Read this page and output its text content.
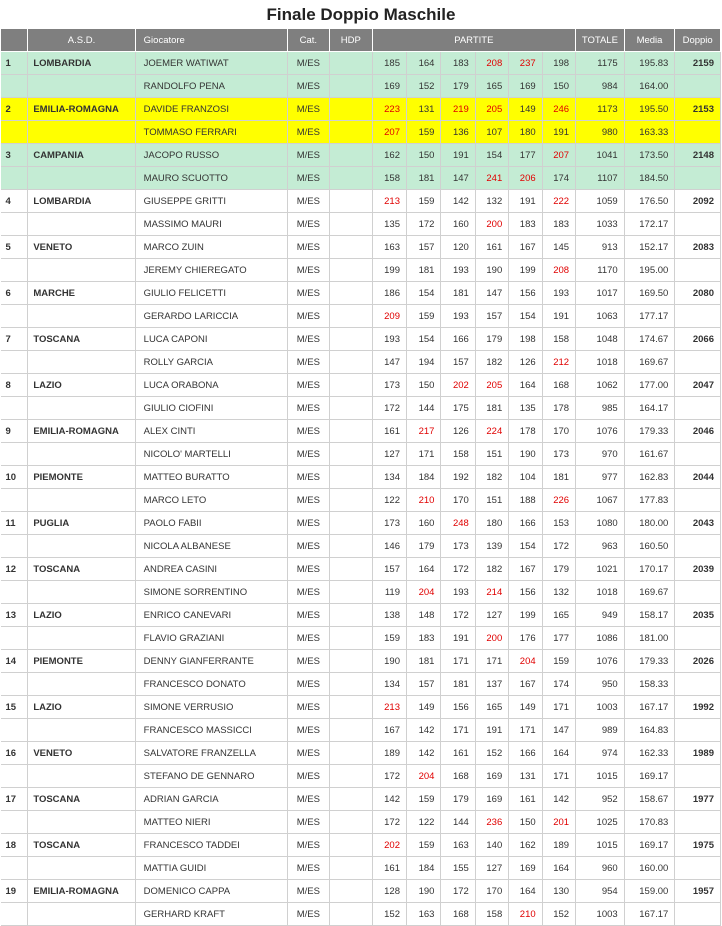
Finale Doppio Maschile
	A.S.D.	Giocatore	Cat.	HDP	PARTITE						TOTALE	Media	Doppio
1	LOMBARDIA	JOEMER WATIWAT	M/ES		185	164	183	208	237	198	1175	195.83	2159
		RANDOLFO PENA	M/ES		169	152	179	165	169	150	984	164.00	
2	EMILIA-ROMAGNA	DAVIDE FRANZOSI	M/ES		223	131	219	205	149	246	1173	195.50	2153
		TOMMASO FERRARI	M/ES		207	159	136	107	180	191	980	163.33	
3	CAMPANIA	JACOPO RUSSO	M/ES		162	150	191	154	177	207	1041	173.50	2148
		MAURO SCUOTTO	M/ES		158	181	147	241	206	174	1107	184.50	
4	LOMBARDIA	GIUSEPPE GRITTI	M/ES		213	159	142	132	191	222	1059	176.50	2092
		MASSIMO MAURI	M/ES		135	172	160	200	183	183	1033	172.17	
5	VENETO	MARCO ZUIN	M/ES		163	157	120	161	167	145	913	152.17	2083
		JEREMY CHIEREGATO	M/ES		199	181	193	190	199	208	1170	195.00	
6	MARCHE	GIULIO FELICETTI	M/ES		186	154	181	147	156	193	1017	169.50	2080
		GERARDO LARICCIA	M/ES		209	159	193	157	154	191	1063	177.17	
7	TOSCANA	LUCA CAPONI	M/ES		193	154	166	179	198	158	1048	174.67	2066
		ROLLY GARCIA	M/ES		147	194	157	182	126	212	1018	169.67	
8	LAZIO	LUCA ORABONA	M/ES		173	150	202	205	164	168	1062	177.00	2047
		GIULIO CIOFINI	M/ES		172	144	175	181	135	178	985	164.17	
9	EMILIA-ROMAGNA	ALEX CINTI	M/ES		161	217	126	224	178	170	1076	179.33	2046
		NICOLO' MARTELLI	M/ES		127	171	158	151	190	173	970	161.67	
10	PIEMONTE	MATTEO BURATTO	M/ES		134	184	192	182	104	181	977	162.83	2044
		MARCO LETO	M/ES		122	210	170	151	188	226	1067	177.83	
11	PUGLIA	PAOLO FABII	M/ES		173	160	248	180	166	153	1080	180.00	2043
		NICOLA ALBANESE	M/ES		146	179	173	139	154	172	963	160.50	
12	TOSCANA	ANDREA CASINI	M/ES		157	164	172	182	167	179	1021	170.17	2039
		SIMONE SORRENTINO	M/ES		119	204	193	214	156	132	1018	169.67	
13	LAZIO	ENRICO CANEVARI	M/ES		138	148	172	127	199	165	949	158.17	2035
		FLAVIO GRAZIANI	M/ES		159	183	191	200	176	177	1086	181.00	
14	PIEMONTE	DENNY GIANFERRANTE	M/ES		190	181	171	171	204	159	1076	179.33	2026
		FRANCESCO DONATO	M/ES		134	157	181	137	167	174	950	158.33	
15	LAZIO	SIMONE VERRUSIO	M/ES		213	149	156	165	149	171	1003	167.17	1992
		FRANCESCO MASSICCI	M/ES		167	142	171	191	171	147	989	164.83	
16	VENETO	SALVATORE FRANZELLA	M/ES		189	142	161	152	166	164	974	162.33	1989
		STEFANO DE GENNARO	M/ES		172	204	168	169	131	171	1015	169.17	
17	TOSCANA	ADRIAN GARCIA	M/ES		142	159	179	169	161	142	952	158.67	1977
		MATTEO NIERI	M/ES		172	122	144	236	150	201	1025	170.83	
18	TOSCANA	FRANCESCO TADDEI	M/ES		202	159	163	140	162	189	1015	169.17	1975
		MATTIA GUIDI	M/ES		161	184	155	127	169	164	960	160.00	
19	EMILIA-ROMAGNA	DOMENICO CAPPA	M/ES		128	190	172	170	164	130	954	159.00	1957
		GERHARD KRAFT	M/ES		152	163	168	158	210	152	1003	167.17	
